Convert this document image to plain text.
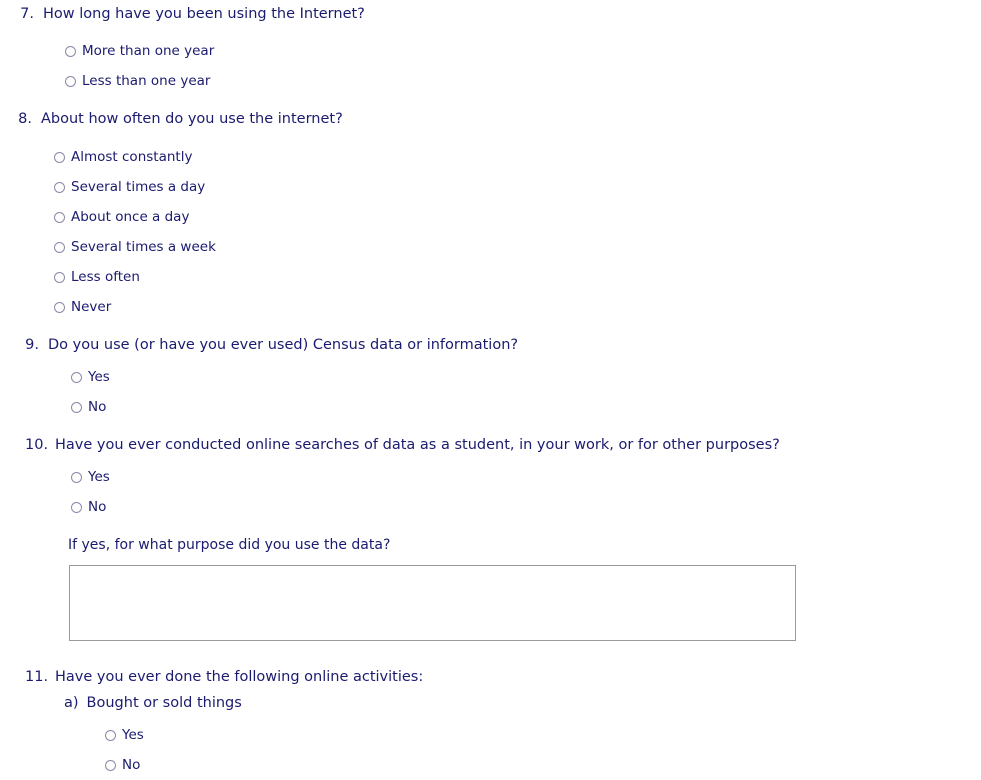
7. How long have you been using the Internet?
More than one year
Less than one year
8. About how often do you use the internet?
Almost constantly
Several times a day
About once a day
Several times a week
Less often
Never
9. Do you use (or have you ever used) Census data or information?
Yes
No
10. Have you ever conducted online searches of data as a student, in your work, or for other purposes?
Yes
No
If yes, for what purpose did you use the data?
11. Have you ever done the following online activities:
a) Bought or sold things
Yes
No
